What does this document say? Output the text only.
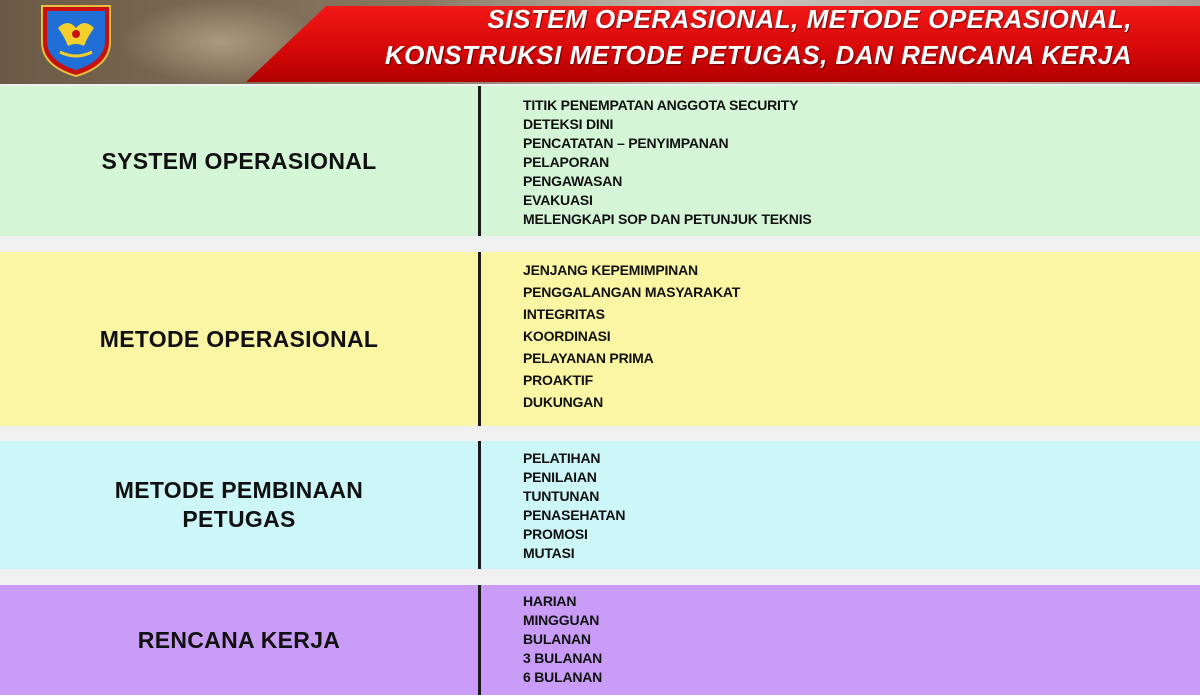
SISTEM OPERASIONAL, METODE OPERASIONAL,
KONSTRUKSI METODE PETUGAS, DAN RENCANA KERJA
SYSTEM OPERASIONAL
TITIK PENEMPATAN ANGGOTA SECURITY
DETEKSI DINI
PENCATATAN – PENYIMPANAN
PELAPORAN
PENGAWASAN
EVAKUASI
MELENGKAPI SOP DAN PETUNJUK TEKNIS
METODE OPERASIONAL
JENJANG KEPEMIMPINAN
PENGGALANGAN MASYARAKAT
INTEGRITAS
KOORDINASI
PELAYANAN PRIMA
PROAKTIF
DUKUNGAN
METODE PEMBINAAN
PETUGAS
PELATIHAN
PENILAIAN
TUNTUNAN
PENASEHATAN
PROMOSI
MUTASI
RENCANA KERJA
HARIAN
MINGGUAN
BULANAN
3 BULANAN
6 BULANAN
